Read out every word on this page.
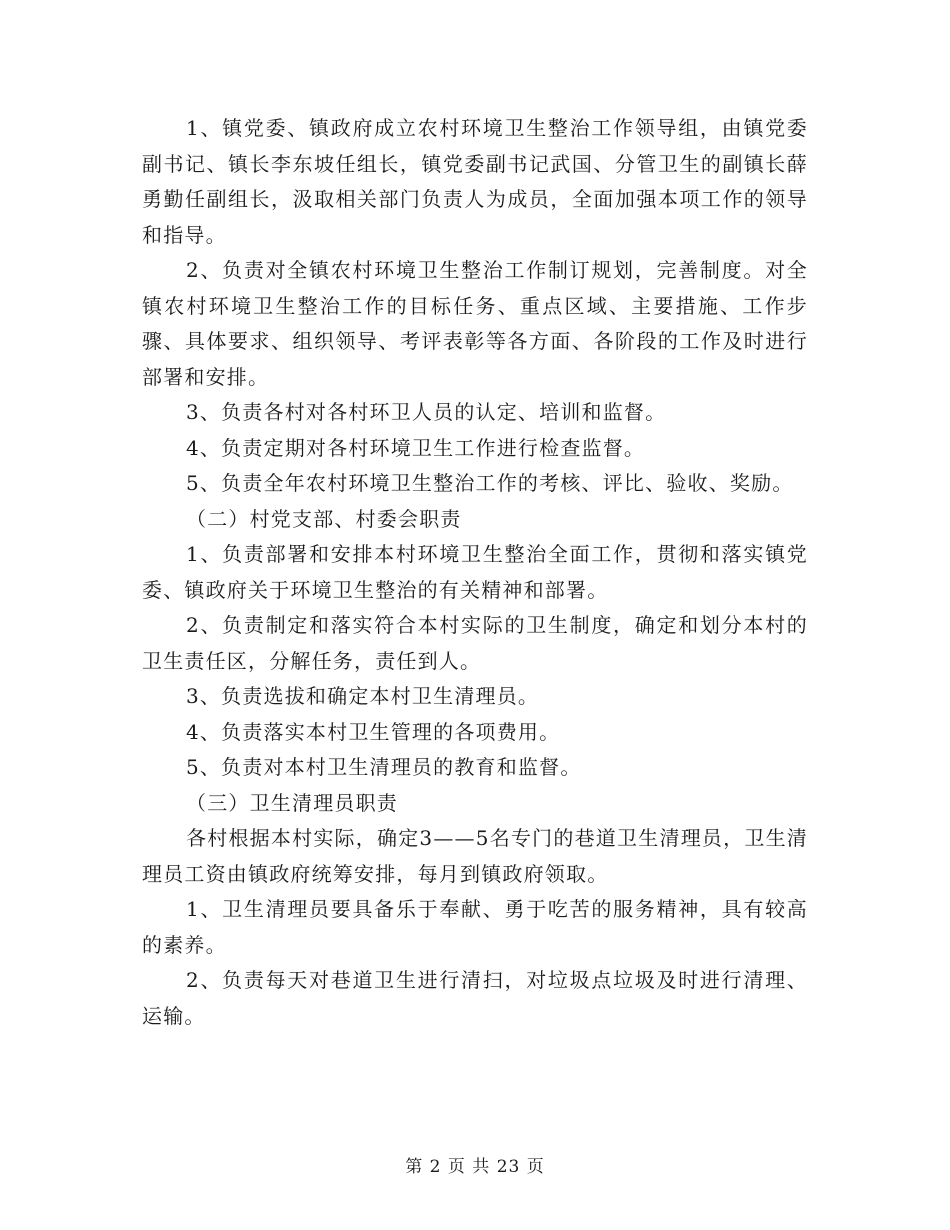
1、镇党委、镇政府成立农村环境卫生整治工作领导组，由镇党委副书记、镇长李东坡任组长，镇党委副书记武国、分管卫生的副镇长薛勇勤任副组长，汲取相关部门负责人为成员，全面加强本项工作的领导和指导。

2、负责对全镇农村环境卫生整治工作制订规划，完善制度。对全镇农村环境卫生整治工作的目标任务、重点区域、主要措施、工作步骤、具体要求、组织领导、考评表彰等各方面、各阶段的工作及时进行部署和安排。

3、负责各村对各村环卫人员的认定、培训和监督。

4、负责定期对各村环境卫生工作进行检查监督。

5、负责全年农村环境卫生整治工作的考核、评比、验收、奖励。

（二）村党支部、村委会职责

1、负责部署和安排本村环境卫生整治全面工作，贯彻和落实镇党委、镇政府关于环境卫生整治的有关精神和部署。

2、负责制定和落实符合本村实际的卫生制度，确定和划分本村的卫生责任区，分解任务，责任到人。

3、负责选拔和确定本村卫生清理员。

4、负责落实本村卫生管理的各项费用。

5、负责对本村卫生清理员的教育和监督。

（三）卫生清理员职责

各村根据本村实际，确定3——5名专门的巷道卫生清理员，卫生清理员工资由镇政府统筹安排，每月到镇政府领取。

1、卫生清理员要具备乐于奉献、勇于吃苦的服务精神，具有较高的素养。

2、负责每天对巷道卫生进行清扫，对垃圾点垃圾及时进行清理、运输。

第 2 页 共 23 页
